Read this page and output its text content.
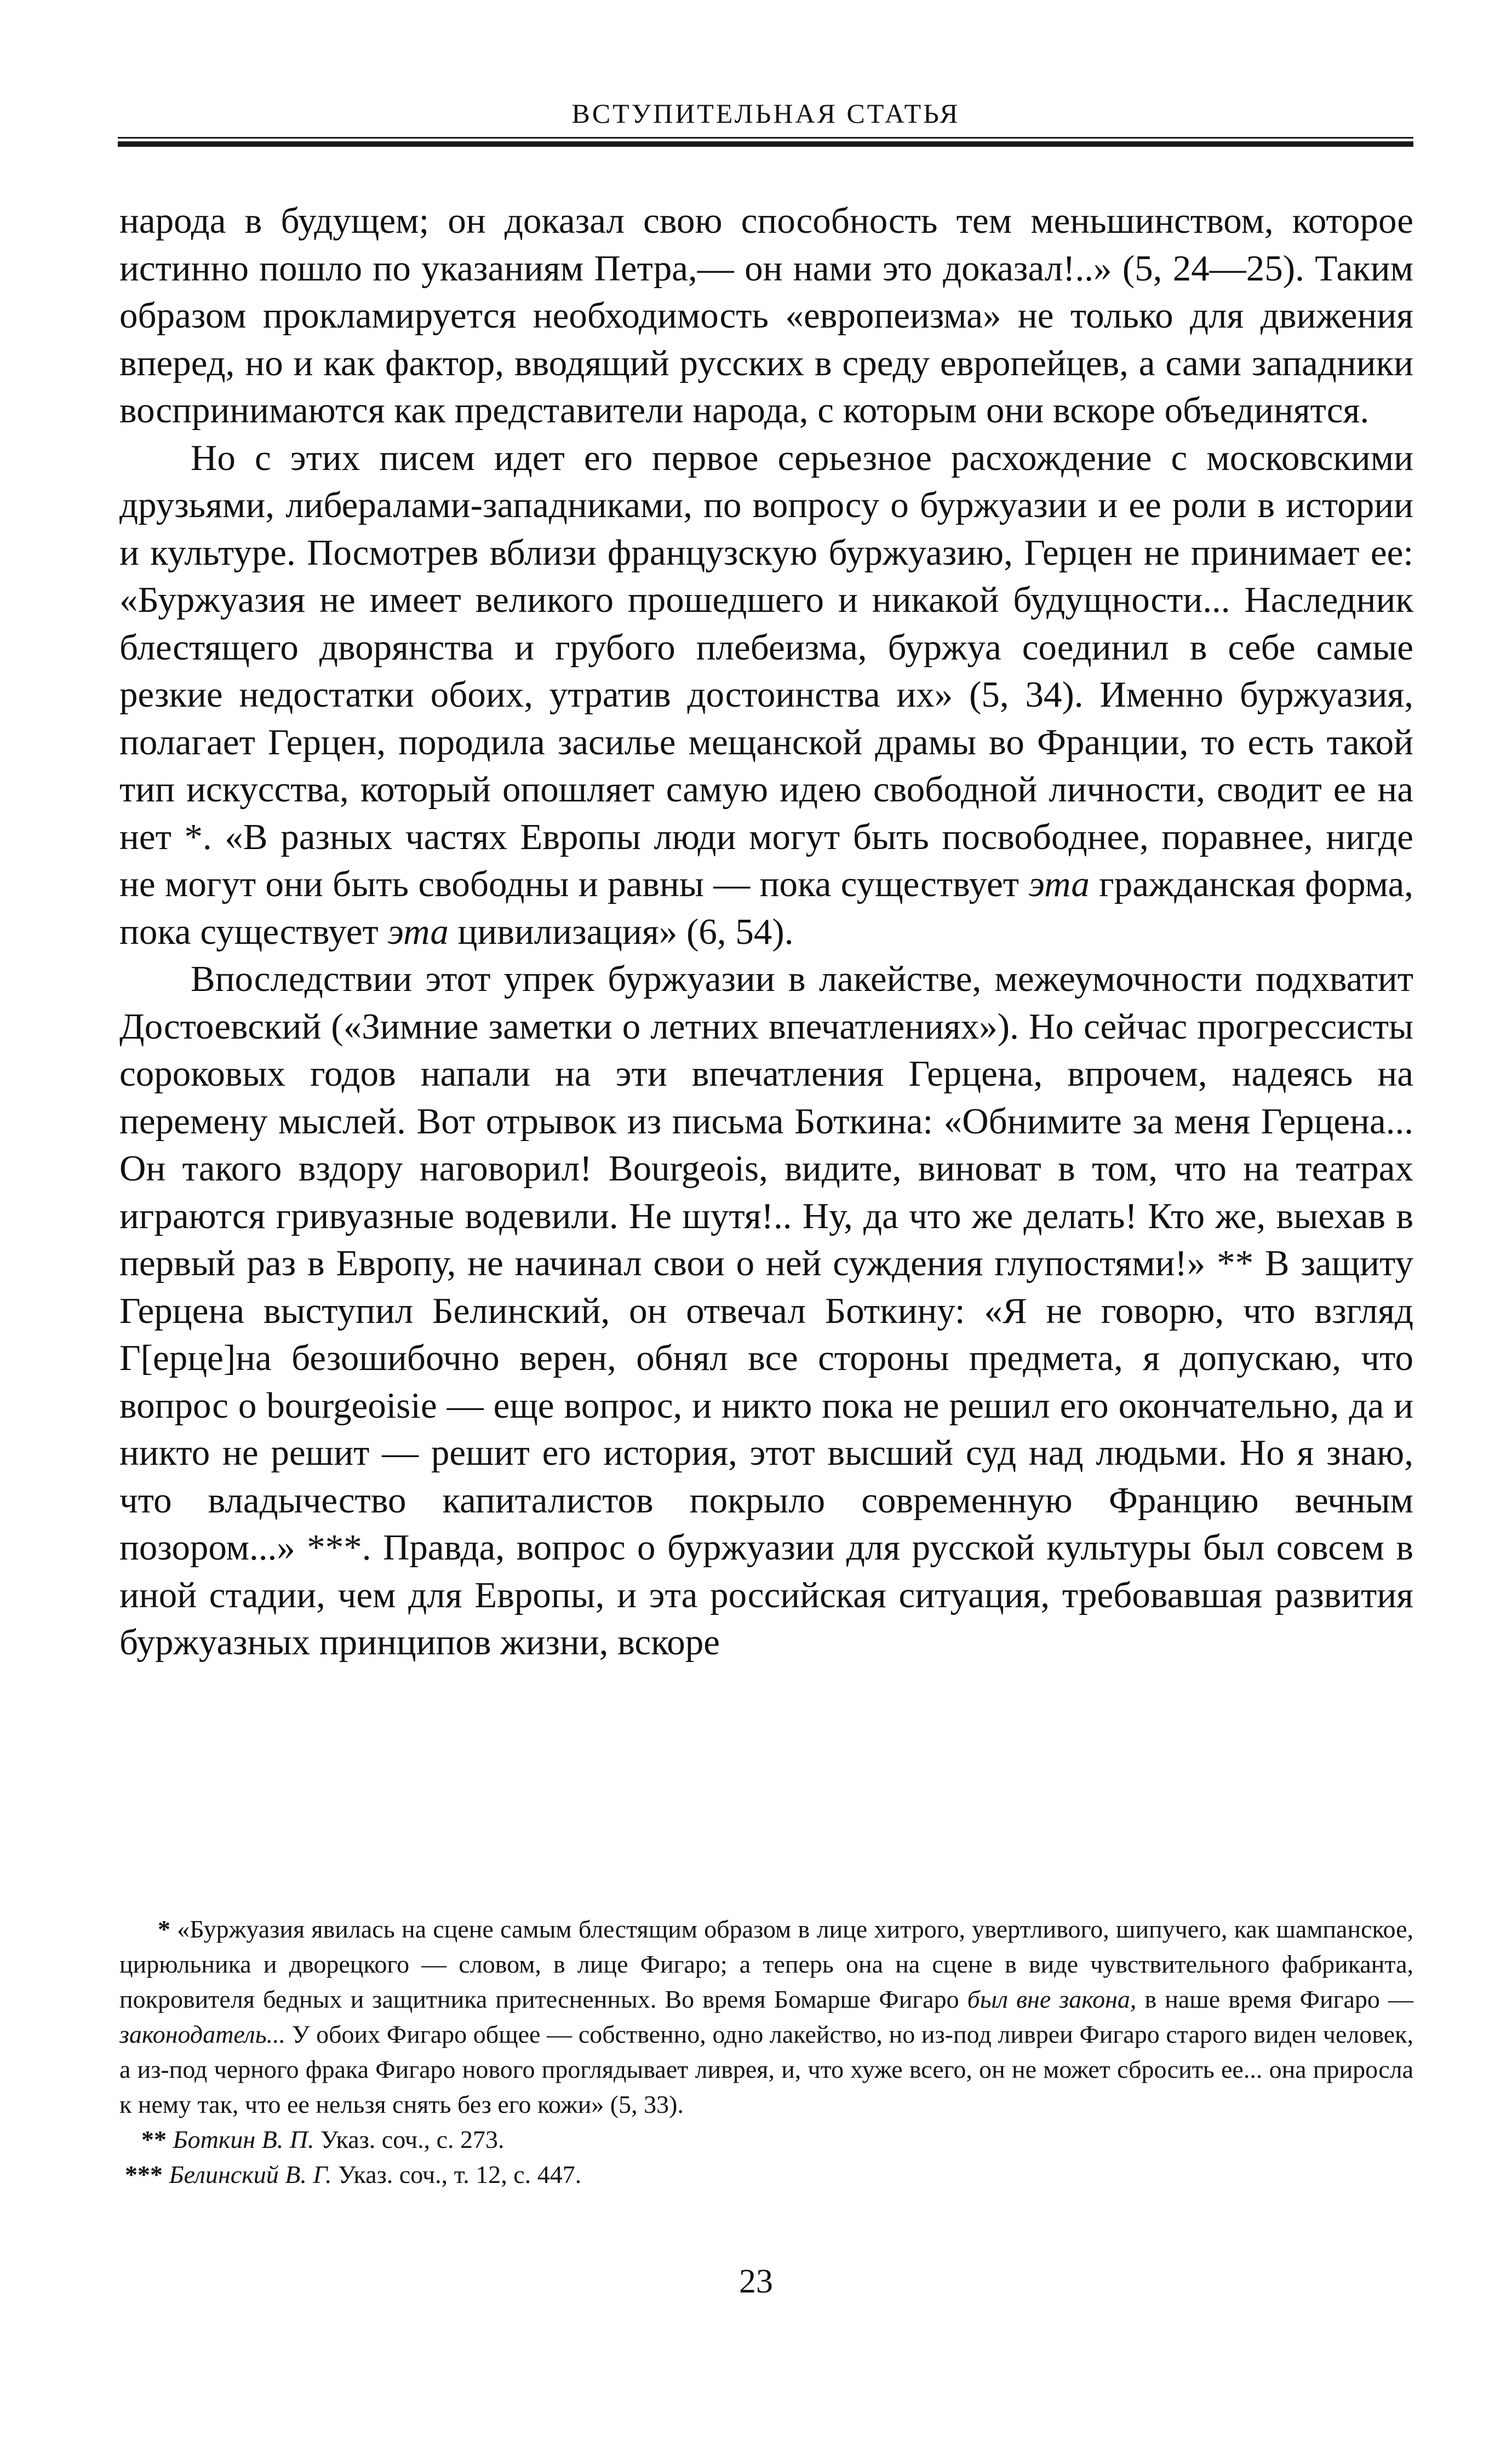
ВСТУПИТЕЛЬНАЯ СТАТЬЯ

народа в будущем; он доказал свою способность тем меньшинством, которое истинно пошло по указаниям Петра,— он нами это доказал!..» (5, 24—25). Таким образом прокламируется необходимость «европеизма» не только для движения вперед, но и как фактор, вводящий русских в среду европейцев, а сами западники воспринимаются как представители народа, с которым они вскоре объединятся.

Но с этих писем идет его первое серьезное расхождение с московскими друзьями, либералами-западниками, по вопросу о буржуазии и ее роли в истории и культуре. Посмотрев вблизи французскую буржуазию, Герцен не принимает ее: «Буржуазия не имеет великого прошедшего и никакой будущности... Наследник блестящего дворянства и грубого плебеизма, буржуа соединил в себе самые резкие недостатки обоих, утратив достоинства их» (5, 34). Именно буржуазия, полагает Герцен, породила засилье мещанской драмы во Франции, то есть такой тип искусства, который опошляет самую идею свободной личности, сводит ее на нет *. «В разных частях Европы люди могут быть посвободнее, поравнее, нигде не могут они быть свободны и равны — пока существует эта гражданская форма, пока существует эта цивилизация» (6, 54).

Впоследствии этот упрек буржуазии в лакействе, межеумочности подхватит Достоевский («Зимние заметки о летних впечатлениях»). Но сейчас прогрессисты сороковых годов напали на эти впечатления Герцена, впрочем, надеясь на перемену мыслей. Вот отрывок из письма Боткина: «Обнимите за меня Герцена... Он такого вздору наговорил! Bourgeois, видите, виноват в том, что на театрах играются гривуазные водевили. Не шутя!.. Ну, да что же делать! Кто же, выехав в первый раз в Европу, не начинал свои о ней суждения глупостями!» ** В защиту Герцена выступил Белинский, он отвечал Боткину: «Я не говорю, что взгляд Г[ерце]на безошибочно верен, обнял все стороны предмета, я допускаю, что вопрос о bourgeoisie — еще вопрос, и никто пока не решил его окончательно, да и никто не решит — решит его история, этот высший суд над людьми. Но я знаю, что владычество капиталистов покрыло современную Францию вечным позором...» ***. Правда, вопрос о буржуазии для русской культуры был совсем в иной стадии, чем для Европы, и эта российская ситуация, требовавшая развития буржуазных принципов жизни, вскоре

* «Буржуазия явилась на сцене самым блестящим образом в лице хитрого, увертливого, шипучего, как шампанское, цирюльника и дворецкого — словом, в лице Фигаро; а теперь она на сцене в виде чувствительного фабриканта, покровителя бедных и защитника притесненных. Во время Бомарше Фигаро был вне закона, в наше время Фигаро — законодатель... У обоих Фигаро общее — собственно, одно лакейство, но из-под ливреи Фигаро старого виден человек, а из-под черного фрака Фигаро нового проглядывает ливрея, и, что хуже всего, он не может сбросить ее... она приросла к нему так, что ее нельзя снять без его кожи» (5, 33).

** Боткин В. П. Указ. соч., с. 273.

*** Белинский В. Г. Указ. соч., т. 12, с. 447.

23
